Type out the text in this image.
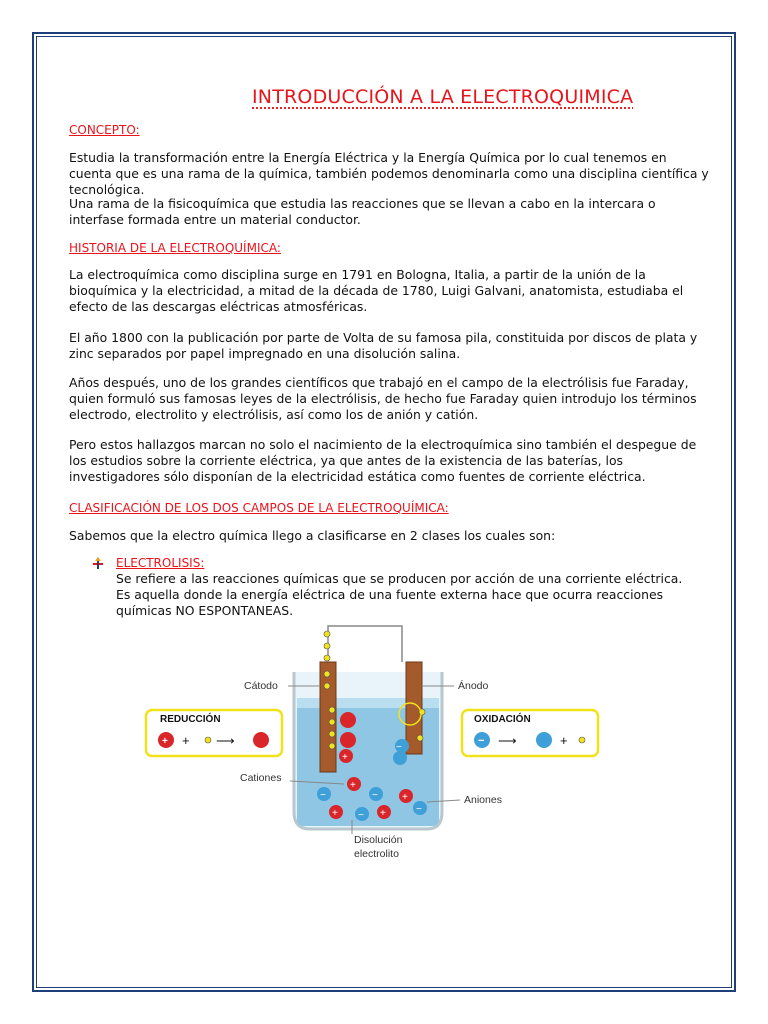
INTRODUCCIÓN A LA ELECTROQUIMICA
CONCEPTO:
Estudia la transformación entre la Energía Eléctrica y la Energía Química por lo cual tenemos en cuenta que es una rama de la química, también podemos denominarla como una disciplina científica y tecnológica.
Una rama de la fisicoquímica que estudia las reacciones que se llevan a cabo en la intercara o interfase formada entre un material conductor.
HISTORIA DE LA ELECTROQUÍMICA:
La electroquímica como disciplina surge en 1791 en Bologna, Italia, a partir de la unión de la bioquímica y la electricidad, a mitad de la década de 1780, Luigi Galvani, anatomista, estudiaba el efecto de las descargas eléctricas atmosféricas.
El año 1800 con la publicación por parte de Volta de su famosa pila, constituida por discos de plata y zinc separados por papel impregnado en una disolución salina.
Años después, uno de los grandes científicos que trabajó en el campo de la electrólisis fue Faraday, quien formuló sus famosas leyes de la electrólisis, de hecho fue Faraday quien introdujo los términos electrodo, electrolito y electrólisis, así como los de anión y catión.
Pero estos hallazgos marcan no solo el nacimiento de la electroquímica sino también el despegue de los estudios sobre la corriente eléctrica, ya que antes de la existencia de las baterías, los investigadores sólo disponían de la electricidad estática como fuentes de corriente eléctrica.
CLASIFICACIÓN DE LOS DOS CAMPOS DE LA ELECTROQUÍMICA:
Sabemos que la electro química llego a clasificarse en 2 clases los cuales son:
ELECTROLISIS:
Se refiere a las reacciones químicas que se producen por acción de una corriente eléctrica.
Es aquella donde la energía eléctrica de una fuente externa hace que ocurra reacciones químicas NO ESPONTANEAS.
Cátodo	Ánodo
REDUCCIÓN
+ + ⟶
OXIDACIÓN
− ⟶	+
+
−
+
−	− +
−
+ − +
Cationes
Aniones
Disolución
electrolito
